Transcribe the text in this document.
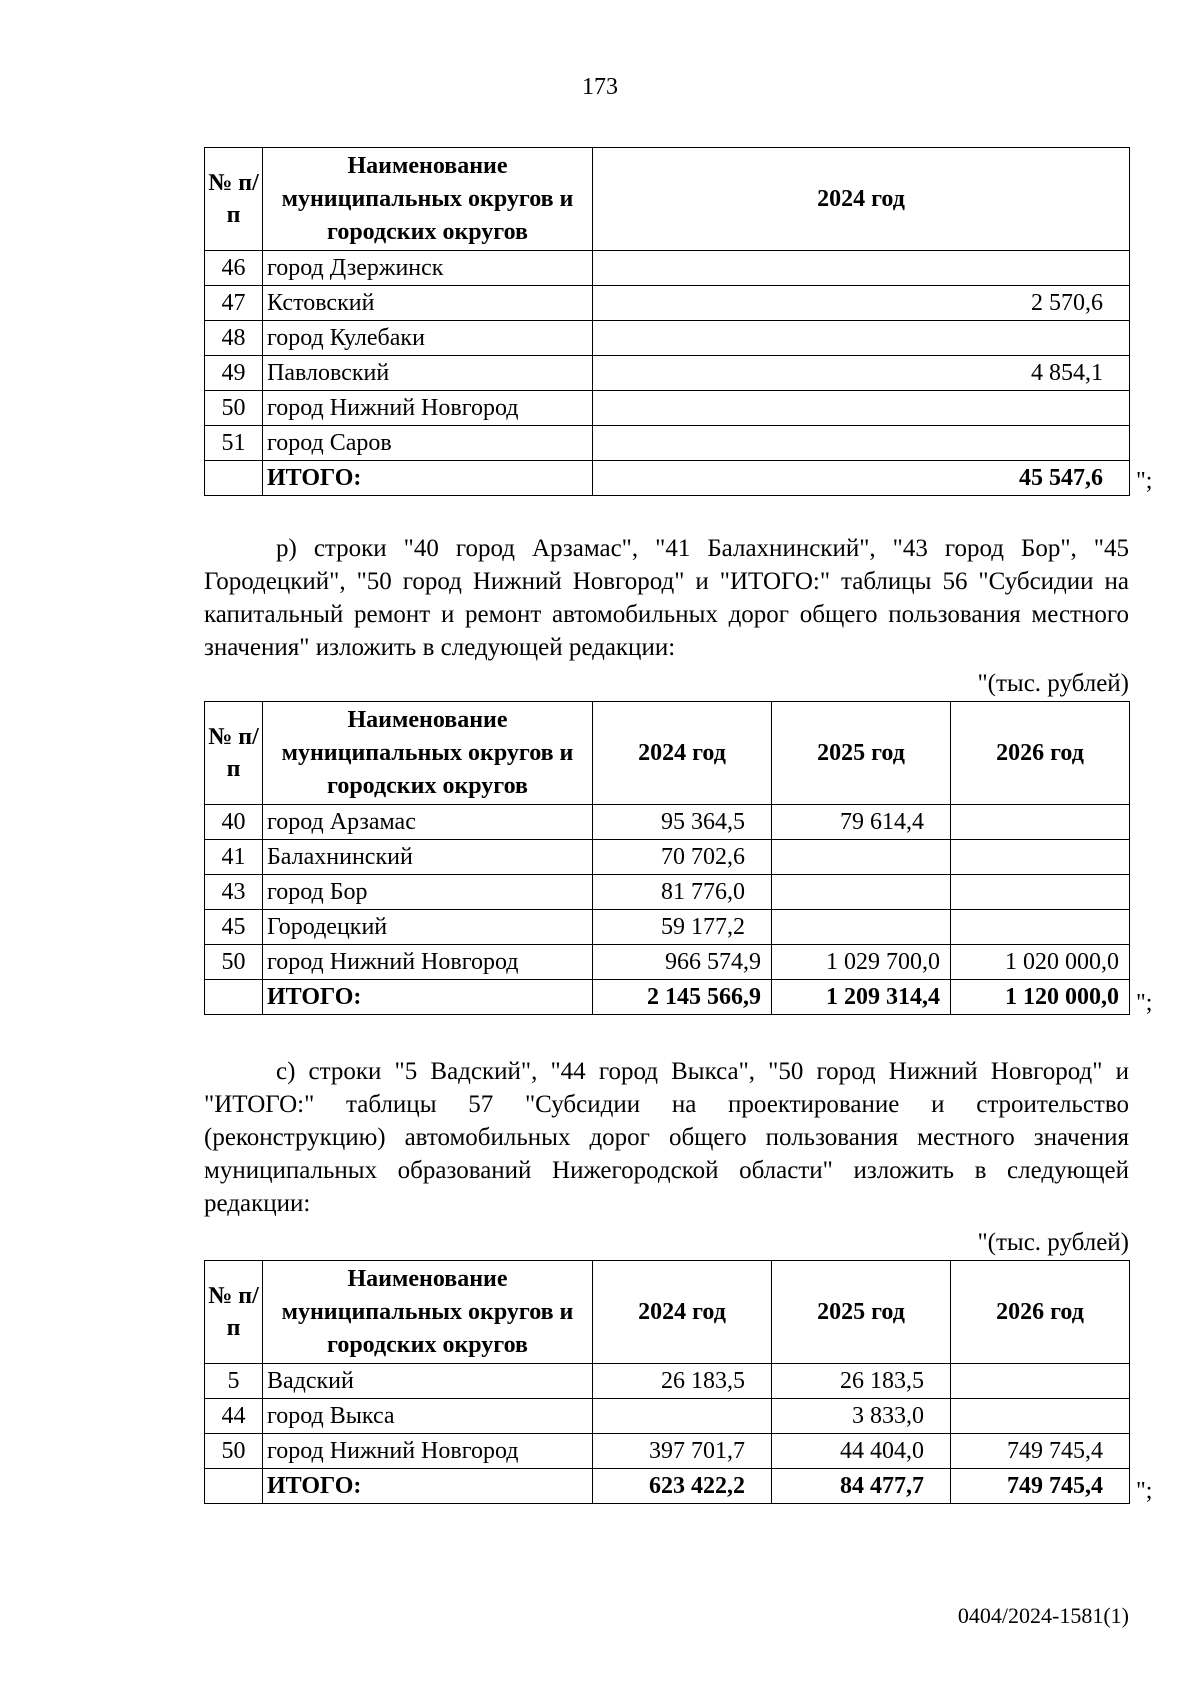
173
№ п/п	Наименование муниципальных округов и городских округов	2024 год
46	город Дзержинск	
47	Кстовский	2 570,6
48	город Кулебаки	
49	Павловский	4 854,1
50	город Нижний Новгород	
51	город Саров	
	ИТОГО:	45 547,6 ";
р) строки "40 город Арзамас", "41 Балахнинский", "43 город Бор", "45 Городецкий", "50 город Нижний Новгород" и "ИТОГО:" таблицы 56 "Субсидии на капитальный ремонт и ремонт автомобильных дорог общего пользования местного значения" изложить в следующей редакции:
"(тыс. рублей)
№ п/п	Наименование муниципальных округов и городских округов	2024 год	2025 год	2026 год
40	город Арзамас	95 364,5	79 614,4	
41	Балахнинский	70 702,6		
43	город Бор	81 776,0		
45	Городецкий	59 177,2		
50	город Нижний Новгород	966 574,9	1 029 700,0	1 020 000,0
	ИТОГО:	2 145 566,9	1 209 314,4	1 120 000,0 ";
с) строки "5 Вадский", "44 город Выкса", "50 город Нижний Новгород" и "ИТОГО:" таблицы 57 "Субсидии на проектирование и строительство (реконструкцию) автомобильных дорог общего пользования местного значения муниципальных образований Нижегородской области" изложить в следующей редакции:
"(тыс. рублей)
№ п/п	Наименование муниципальных округов и городских округов	2024 год	2025 год	2026 год
5	Вадский	26 183,5	26 183,5	
44	город Выкса		3 833,0	
50	город Нижний Новгород	397 701,7	44 404,0	749 745,4
	ИТОГО:	623 422,2	84 477,7	749 745,4 ";
0404/2024-1581(1)
